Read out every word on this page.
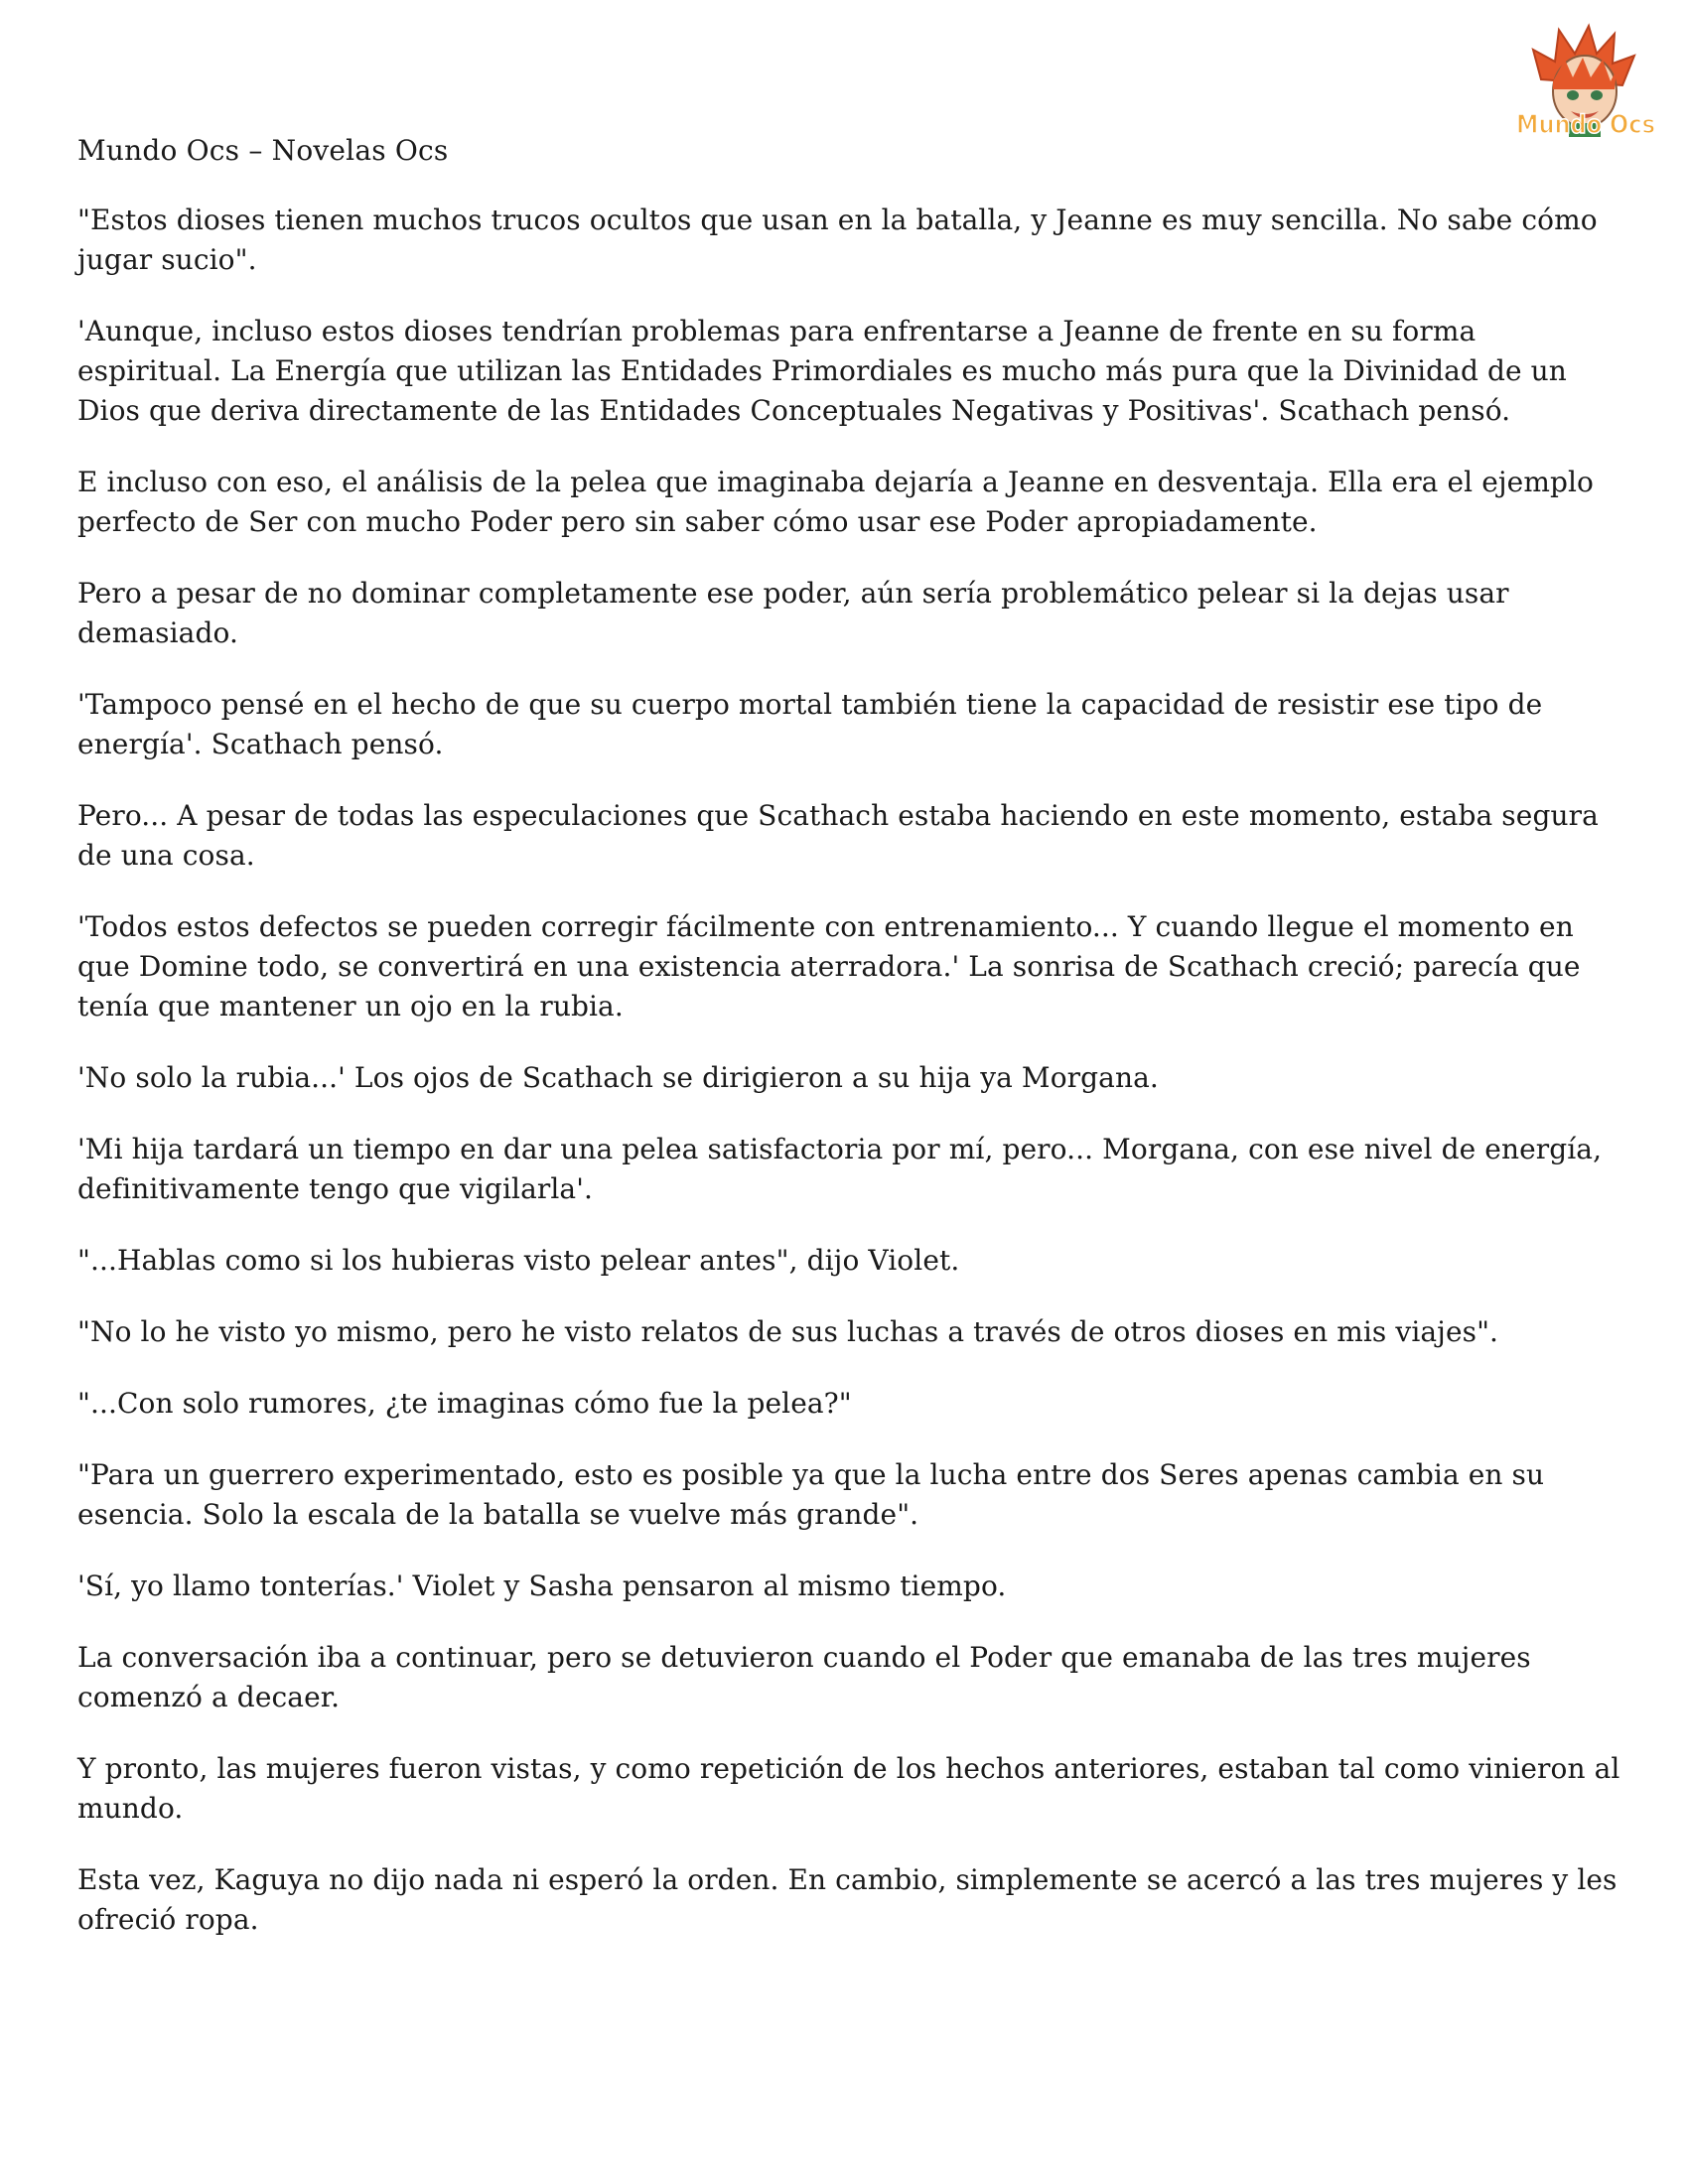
Mundo Ocs
Mundo Ocs – Novelas Ocs

"Estos dioses tienen muchos trucos ocultos que usan en la batalla, y Jeanne es muy sencilla. No sabe cómo jugar sucio".

'Aunque, incluso estos dioses tendrían problemas para enfrentarse a Jeanne de frente en su forma espiritual. La Energía que utilizan las Entidades Primordiales es mucho más pura que la Divinidad de un Dios que deriva directamente de las Entidades Conceptuales Negativas y Positivas'. Scathach pensó.

E incluso con eso, el análisis de la pelea que imaginaba dejaría a Jeanne en desventaja. Ella era el ejemplo perfecto de Ser con mucho Poder pero sin saber cómo usar ese Poder apropiadamente.

Pero a pesar de no dominar completamente ese poder, aún sería problemático pelear si la dejas usar demasiado.

'Tampoco pensé en el hecho de que su cuerpo mortal también tiene la capacidad de resistir ese tipo de energía'. Scathach pensó.

Pero... A pesar de todas las especulaciones que Scathach estaba haciendo en este momento, estaba segura de una cosa.

'Todos estos defectos se pueden corregir fácilmente con entrenamiento... Y cuando llegue el momento en que Domine todo, se convertirá en una existencia aterradora.' La sonrisa de Scathach creció; parecía que tenía que mantener un ojo en la rubia.

'No solo la rubia...' Los ojos de Scathach se dirigieron a su hija ya Morgana.

'Mi hija tardará un tiempo en dar una pelea satisfactoria por mí, pero... Morgana, con ese nivel de energía, definitivamente tengo que vigilarla'.

"...Hablas como si los hubieras visto pelear antes", dijo Violet.

"No lo he visto yo mismo, pero he visto relatos de sus luchas a través de otros dioses en mis viajes".

"...Con solo rumores, ¿te imaginas cómo fue la pelea?"

"Para un guerrero experimentado, esto es posible ya que la lucha entre dos Seres apenas cambia en su esencia. Solo la escala de la batalla se vuelve más grande".

'Sí, yo llamo tonterías.' Violet y Sasha pensaron al mismo tiempo.

La conversación iba a continuar, pero se detuvieron cuando el Poder que emanaba de las tres mujeres comenzó a decaer.

Y pronto, las mujeres fueron vistas, y como repetición de los hechos anteriores, estaban tal como vinieron al mundo.

Esta vez, Kaguya no dijo nada ni esperó la orden. En cambio, simplemente se acercó a las tres mujeres y les ofreció ropa.
